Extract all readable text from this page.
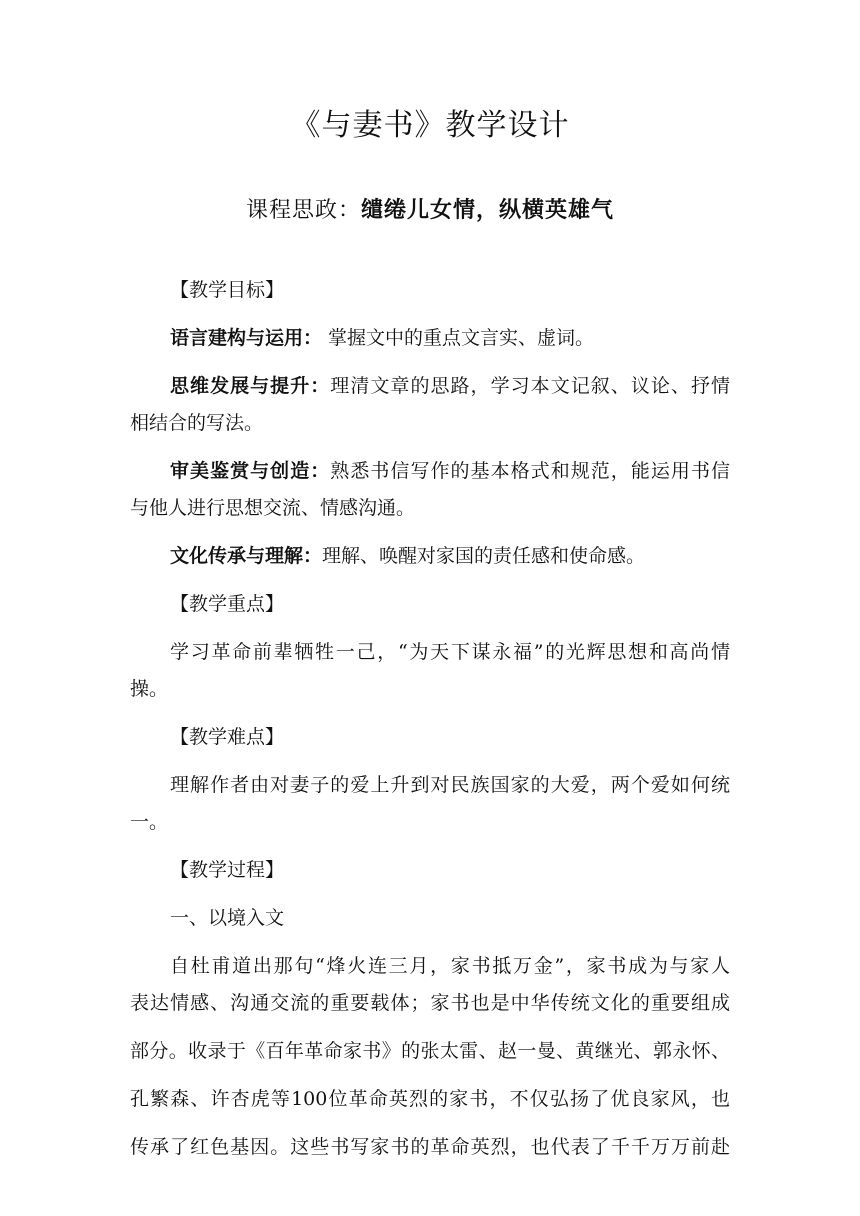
《与妻书》教学设计
课程思政：缱绻儿女情，纵横英雄气
【教学目标】
语言建构与运用： 掌握文中的重点文言实、虚词。
思维发展与提升：理清文章的思路，学习本文记叙、议论、抒情
相结合的写法。
审美鉴赏与创造：熟悉书信写作的基本格式和规范，能运用书信
与他人进行思想交流、情感沟通。
文化传承与理解：理解、唤醒对家国的责任感和使命感。
【教学重点】
学习革命前辈牺牲一己，“为天下谋永福”的光辉思想和高尚情
操。
【教学难点】
理解作者由对妻子的爱上升到对民族国家的大爱，两个爱如何统
一。
【教学过程】
一、以境入文
自杜甫道出那句“烽火连三月，家书抵万金”，家书成为与家人
表达情感、沟通交流的重要载体；家书也是中华传统文化的重要组成
部分。收录于《百年革命家书》的张太雷、赵一曼、黄继光、郭永怀、
孔繁森、许杏虎等100位革命英烈的家书，不仅弘扬了优良家风，也
传承了红色基因。这些书写家书的革命英烈，也代表了千千万万前赴
